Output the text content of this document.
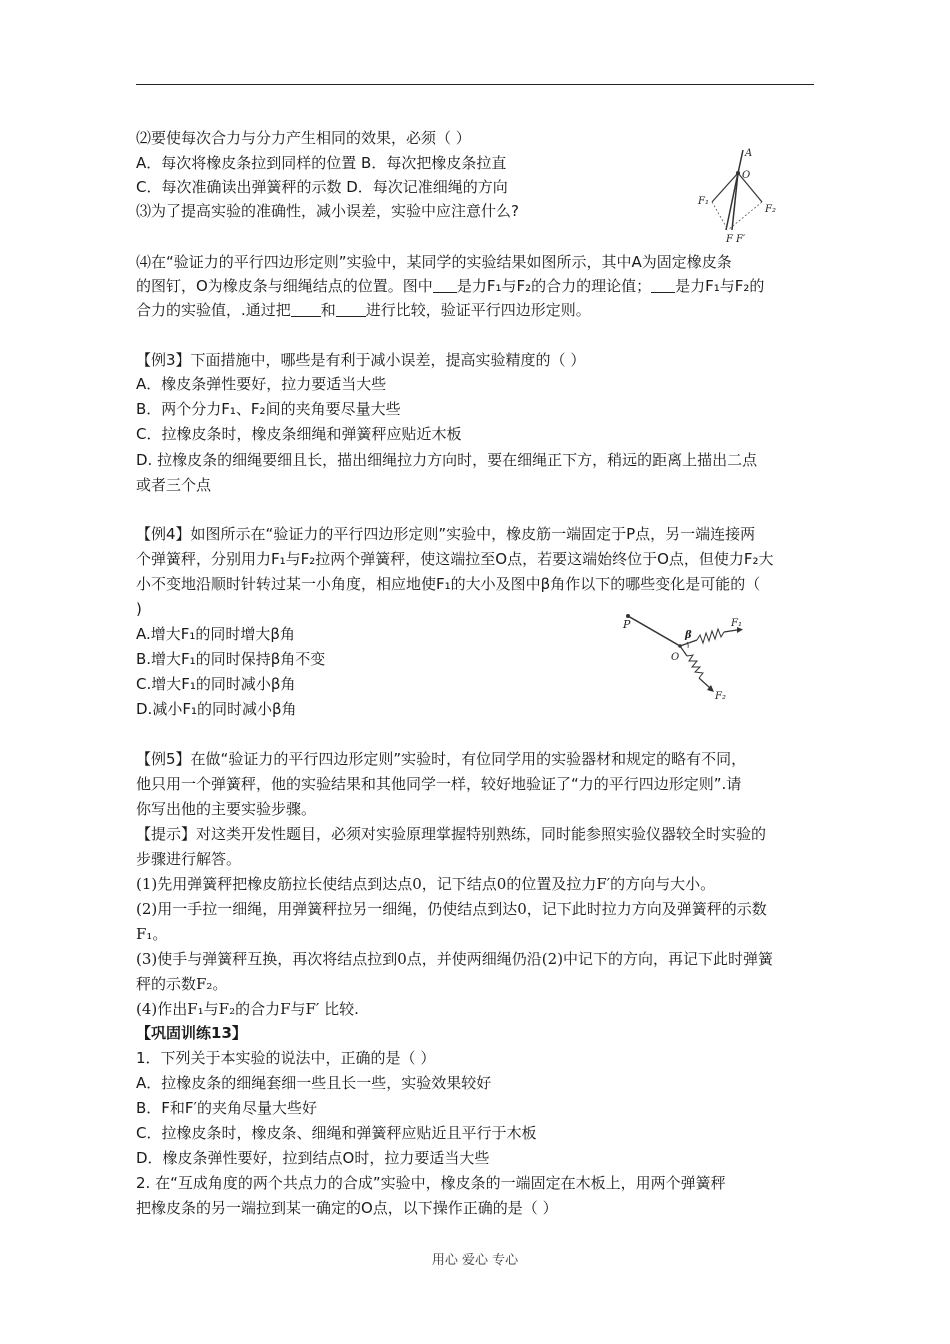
⑵要使每次合力与分力产生相同的效果，必须（ ）
A．每次将橡皮条拉到同样的位置 B．每次把橡皮条拉直
C．每次准确读出弹簧秤的示数 D．每次记准细绳的方向
⑶为了提高实验的准确性，减小误差，实验中应注意什么?
A
O
F₁
F₂
F F′
⑷在“验证力的平行四边形定则”实验中，某同学的实验结果如图所示，其中A为固定橡皮条
的图钉，O为橡皮条与细绳结点的位置。图中 是力F₁与F₂的合力的理论值； 是力F₁与F₂的
合力的实验值，.通过把 和 进行比较，验证平行四边形定则。
【例3】下面措施中，哪些是有利于减小误差，提高实验精度的（ ）
A．橡皮条弹性要好，拉力要适当大些
B．两个分力F₁、F₂间的夹角要尽量大些
C．拉橡皮条时，橡皮条细绳和弹簧秤应贴近木板
D. 拉橡皮条的细绳要细且长，描出细绳拉力方向时，要在细绳正下方，稍远的距离上描出二点
或者三个点
【例4】如图所示在“验证力的平行四边形定则”实验中，橡皮筋一端固定于P点，另一端连接两
个弹簧秤，分别用力F₁与F₂拉两个弹簧秤，使这端拉至O点，若要这端始终位于O点，但使力F₂大
小不变地沿顺时针转过某一小角度，相应地使F₁的大小及图中β角作以下的哪些变化是可能的（
)
A.增大F₁的同时增大β角
B.增大F₁的同时保持β角不变
C.增大F₁的同时减小β角
D.减小F₁的同时减小β角
P
O
β
F₁
F₂
【例5】在做“验证力的平行四边形定则”实验时，有位同学用的实验器材和规定的略有不同，
他只用一个弹簧秤，他的实验结果和其他同学一样，较好地验证了“力的平行四边形定则”.请
你写出他的主要实验步骤。
【提示】对这类开发性题目，必须对实验原理掌握特别熟练，同时能参照实验仪器较全时实验的
步骤进行解答。
(1)先用弹簧秤把橡皮筋拉长使结点到达点0，记下结点0的位置及拉力F′的方向与大小。
(2)用一手拉一细绳，用弹簧秤拉另一细绳，仍使结点到达0，记下此时拉力方向及弹簧秤的示数
F₁。
(3)使手与弹簧秤互换，再次将结点拉到0点，并使两细绳仍沿(2)中记下的方向，再记下此时弹簧
秤的示数F₂。
(4)作出F₁与F₂的合力F与F′ 比较.
【巩固训练13】
1．下列关于本实验的说法中，正确的是（ ）
A．拉橡皮条的细绳套细一些且长一些，实验效果较好
B．F和F′的夹角尽量大些好
C．拉橡皮条时，橡皮条、细绳和弹簧秤应贴近且平行于木板
D．橡皮条弹性要好，拉到结点O时，拉力要适当大些
2. 在“互成角度的两个共点力的合成”实验中，橡皮条的一端固定在木板上，用两个弹簧秤
把橡皮条的另一端拉到某一确定的O点，以下操作正确的是（ ）
用心 爱心 专心
